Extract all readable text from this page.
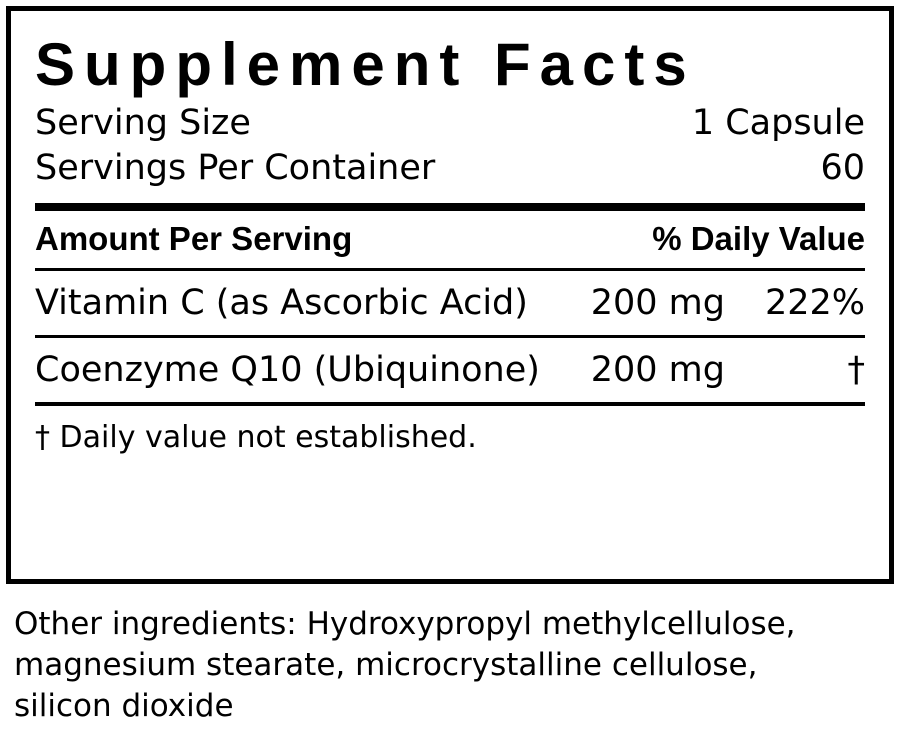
Supplement Facts
Serving Size	1 Capsule
Servings Per Container	60
Amount Per Serving	% Daily Value
Vitamin C (as Ascorbic Acid)	200 mg	222%
Coenzyme Q10 (Ubiquinone)	200 mg	†
† Daily value not established.
Other ingredients: Hydroxypropyl methylcellulose, magnesium stearate, microcrystalline cellulose, silicon dioxide
